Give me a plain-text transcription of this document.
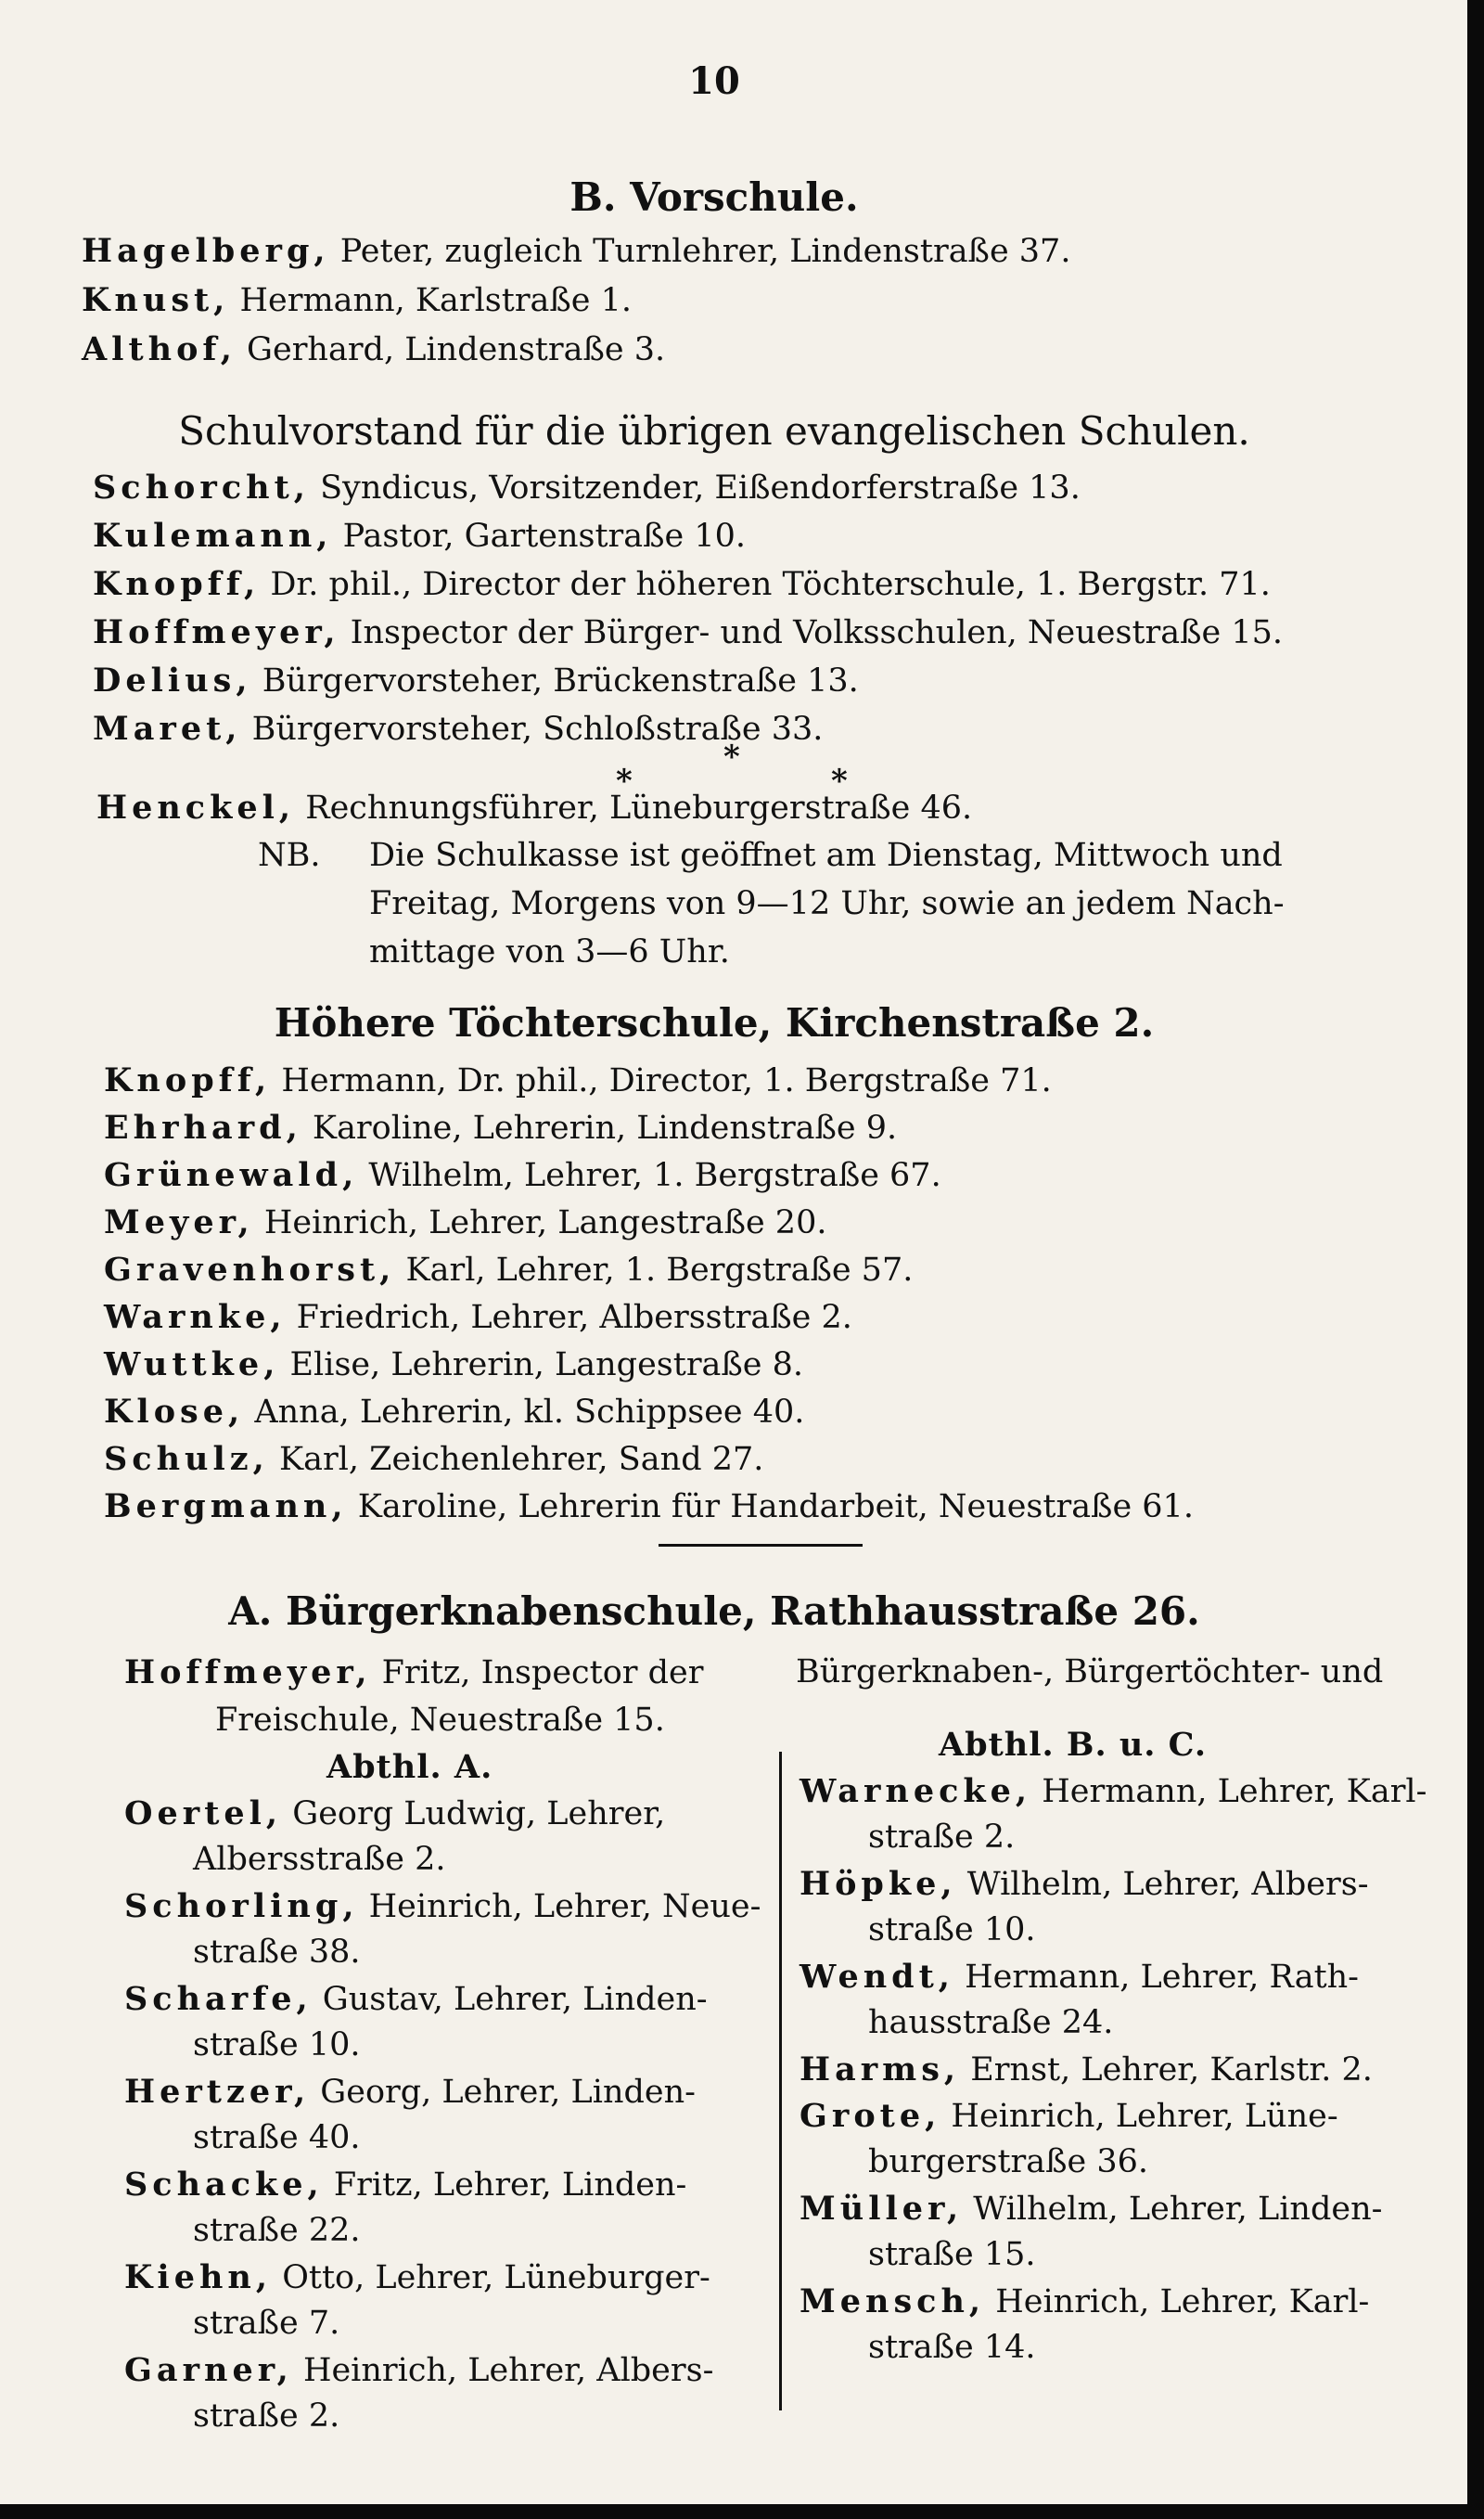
10
B. Vorschule.
Hagelberg, Peter, zugleich Turnlehrer, Lindenstraße 37.
Knust, Hermann, Karlstraße 1.
Althof, Gerhard, Lindenstraße 3.
Schulvorstand für die übrigen evangelischen Schulen.
Schorcht, Syndicus, Vorsitzender, Eißendorferstraße 13.
Kulemann, Pastor, Gartenstraße 10.
Knopff, Dr. phil., Director der höheren Töchterschule, 1. Bergstr. 71.
Hoffmeyer, Inspector der Bürger- und Volksschulen, Neuestraße 15.
Delius, Bürgervorsteher, Brückenstraße 13.
Maret, Bürgervorsteher, Schloßstraße 33.
*
*
*
Henckel, Rechnungsführer, Lüneburgerstraße 46.
NB. Die Schulkasse ist geöffnet am Dienstag, Mittwoch und
Freitag, Morgens von 9—12 Uhr, sowie an jedem Nach-
mittage von 3—6 Uhr.
Höhere Töchterschule, Kirchenstraße 2.
Knopff, Hermann, Dr. phil., Director, 1. Bergstraße 71.
Ehrhard, Karoline, Lehrerin, Lindenstraße 9.
Grünewald, Wilhelm, Lehrer, 1. Bergstraße 67.
Meyer, Heinrich, Lehrer, Langestraße 20.
Gravenhorst, Karl, Lehrer, 1. Bergstraße 57.
Warnke, Friedrich, Lehrer, Albersstraße 2.
Wuttke, Elise, Lehrerin, Langestraße 8.
Klose, Anna, Lehrerin, kl. Schippsee 40.
Schulz, Karl, Zeichenlehrer, Sand 27.
Bergmann, Karoline, Lehrerin für Handarbeit, Neuestraße 61.
A. Bürgerknabenschule, Rathhausstraße 26.
Hoffmeyer, Fritz, Inspector der	Bürgerknaben-, Bürgertöchter- und
Freischule, Neuestraße 15.
Abthl. A.
Oertel, Georg Ludwig, Lehrer,
Albersstraße 2.
Schorling, Heinrich, Lehrer, Neue-
straße 38.
Scharfe, Gustav, Lehrer, Linden-
straße 10.
Hertzer, Georg, Lehrer, Linden-
straße 40.
Schacke, Fritz, Lehrer, Linden-
straße 22.
Kiehn, Otto, Lehrer, Lüneburger-
straße 7.
Garner, Heinrich, Lehrer, Albers-
straße 2.
Abthl. B. u. C.
Warnecke, Hermann, Lehrer, Karl-
straße 2.
Höpke, Wilhelm, Lehrer, Albers-
straße 10.
Wendt, Hermann, Lehrer, Rath-
hausstraße 24.
Harms, Ernst, Lehrer, Karlstr. 2.
Grote, Heinrich, Lehrer, Lüne-
burgerstraße 36.
Müller, Wilhelm, Lehrer, Linden-
straße 15.
Mensch, Heinrich, Lehrer, Karl-
straße 14.
